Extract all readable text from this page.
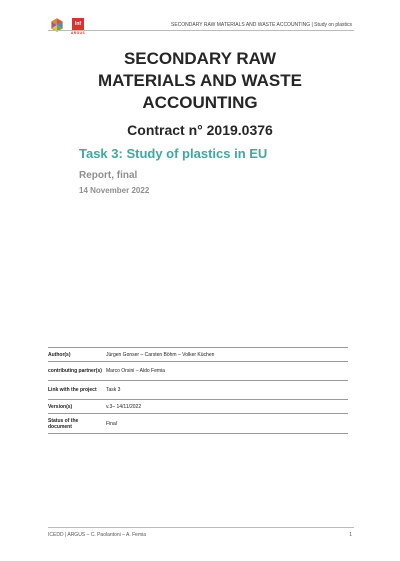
Inf
ARGUS
SECONDARY RAW MATERIALS AND WASTE ACCOUNTING | Study on plastics
SECONDARY RAW
MATERIALS AND WASTE
ACCOUNTING
Contract n° 2019.0376
Task 3: Study of plastics in EU
Report, final
14 November 2022
Author(s)	Jürgen Gonser – Carsten Böhm – Volker Küchen
contributing partner(s)	Marco Orsini – Aldo Femia
Link with the project	Task 3
Version(s)	v.3– 14/11/2022
Status of the document	Final
ICEDD | ARGUS – C. Paolantoni – A. Femia	1
